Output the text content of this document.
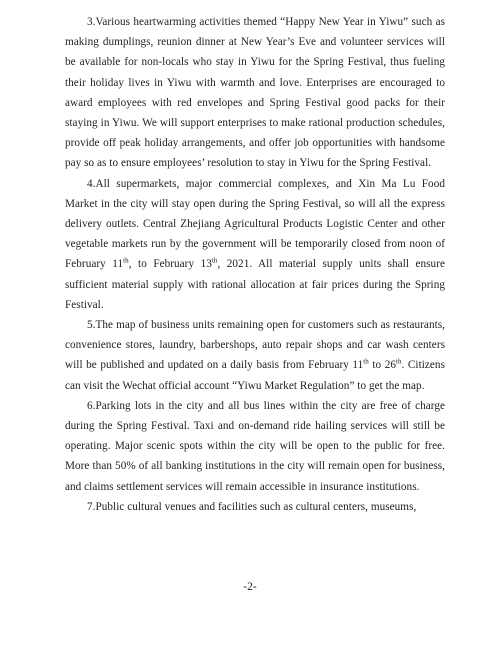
3.Various heartwarming activities themed “Happy New Year in Yiwu” such as making dumplings, reunion dinner at New Year’s Eve and volunteer services will be available for non-locals who stay in Yiwu for the Spring Festival, thus fueling their holiday lives in Yiwu with warmth and love. Enterprises are encouraged to award employees with red envelopes and Spring Festival good packs for their staying in Yiwu. We will support enterprises to make rational production schedules, provide off peak holiday arrangements, and offer job opportunities with handsome pay so as to ensure employees’ resolution to stay in Yiwu for the Spring Festival.

4.All supermarkets, major commercial complexes, and Xin Ma Lu Food Market in the city will stay open during the Spring Festival, so will all the express delivery outlets. Central Zhejiang Agricultural Products Logistic Center and other vegetable markets run by the government will be temporarily closed from noon of February 11th, to February 13th, 2021. All material supply units shall ensure sufficient material supply with rational allocation at fair prices during the Spring Festival.

5.The map of business units remaining open for customers such as restaurants, convenience stores, laundry, barbershops, auto repair shops and car wash centers will be published and updated on a daily basis from February 11th to 26th. Citizens can visit the Wechat official account “Yiwu Market Regulation” to get the map.

6.Parking lots in the city and all bus lines within the city are free of charge during the Spring Festival. Taxi and on-demand ride hailing services will still be operating. Major scenic spots within the city will be open to the public for free. More than 50% of all banking institutions in the city will remain open for business, and claims settlement services will remain accessible in insurance institutions.

7.Public cultural venues and facilities such as cultural centers, museums,

-2-
